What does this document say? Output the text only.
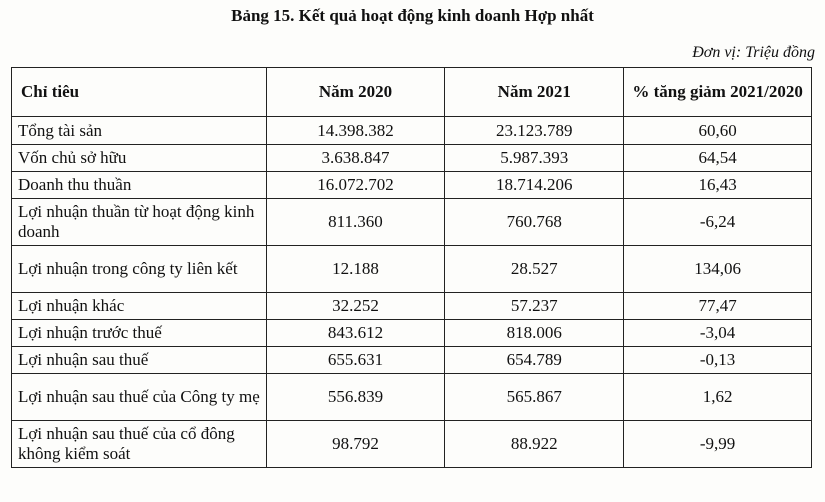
Bảng 15. Kết quả hoạt động kinh doanh Hợp nhất
Đơn vị: Triệu đồng
Chỉ tiêu	Năm 2020	Năm 2021	% tăng giảm 2021/2020
Tổng tài sản	14.398.382	23.123.789	60,60
Vốn chủ sở hữu	3.638.847	5.987.393	64,54
Doanh thu thuần	16.072.702	18.714.206	16,43
Lợi nhuận thuần từ hoạt động kinh doanh	811.360	760.768	-6,24
Lợi nhuận trong công ty liên kết	12.188	28.527	134,06
Lợi nhuận khác	32.252	57.237	77,47
Lợi nhuận trước thuế	843.612	818.006	-3,04
Lợi nhuận sau thuế	655.631	654.789	-0,13
Lợi nhuận sau thuế của Công ty mẹ	556.839	565.867	1,62
Lợi nhuận sau thuế của cổ đông không kiểm soát	98.792	88.922	-9,99
